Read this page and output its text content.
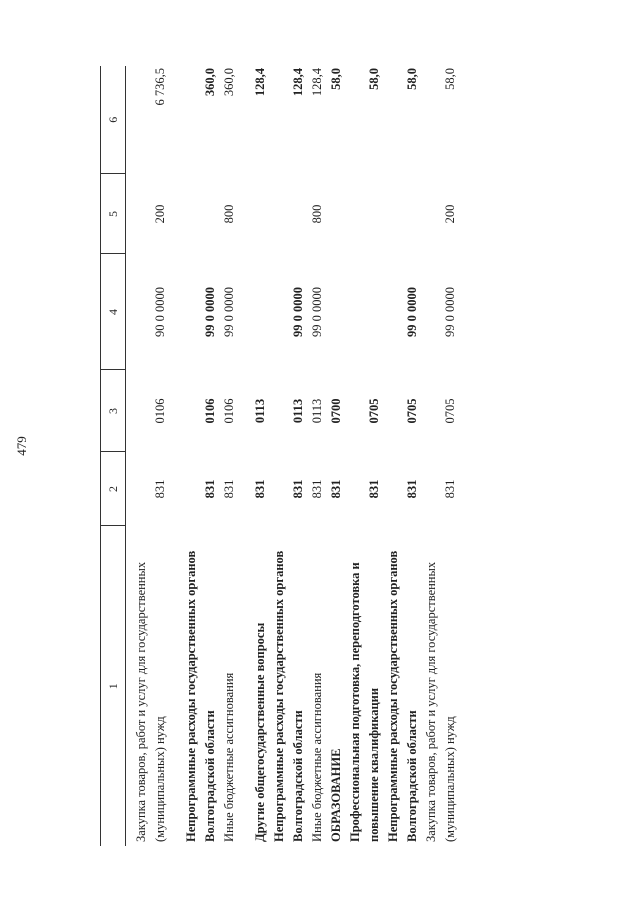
479
1	2	3	4	5	6

Закупка товаров, работ и услуг для государственных (муниципальных) нужд	831	0106	90 0 0000	200	6 736,5
Непрограммные расходы государственных органов Волгоградской области	831	0106	99 0 0000		360,0
Иные бюджетные ассигнования	831	0106	99 0 0000	800	360,0
Другие общегосударственные вопросы	831	0113			128,4
Непрограммные расходы государственных органов Волгоградской области	831	0113	99 0 0000		128,4
Иные бюджетные ассигнования	831	0113	99 0 0000	800	128,4
ОБРАЗОВАНИЕ	831	0700			58,0
Профессиональная подготовка, переподготовка и повышение квалификации	831	0705			58,0
Непрограммные расходы государственных органов Волгоградской области	831	0705	99 0 0000		58,0
Закупка товаров, работ и услуг для государственных (муниципальных) нужд	831	0705	99 0 0000	200	58,0
